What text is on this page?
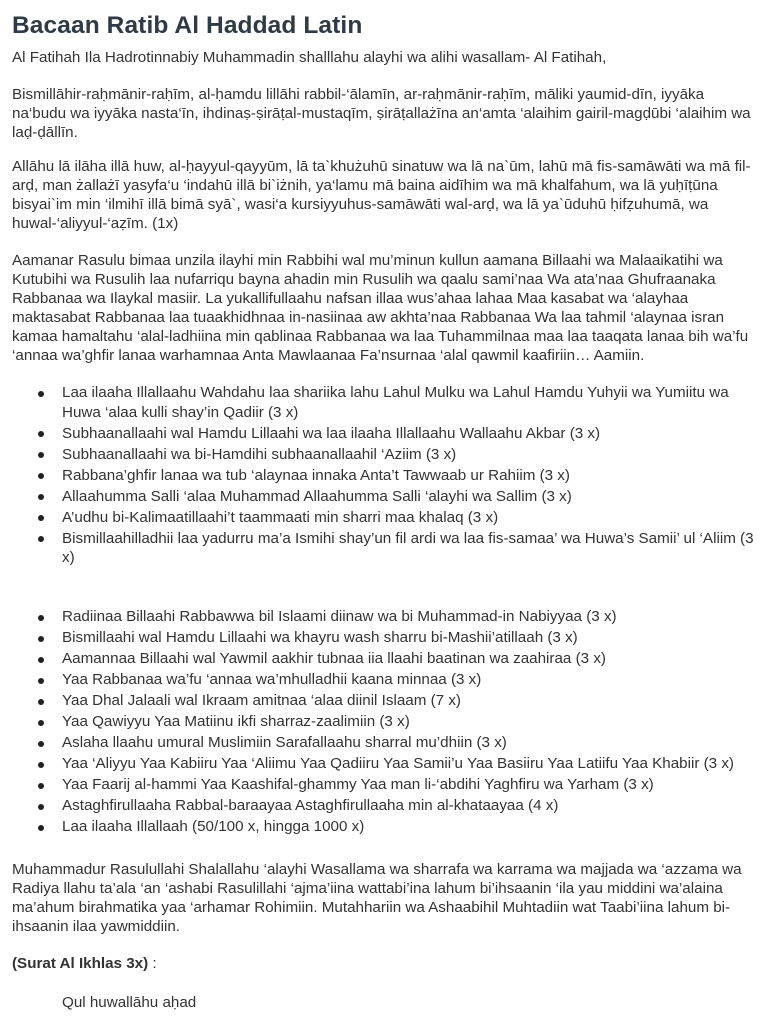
Bacaan Ratib Al Haddad Latin

Al Fatihah Ila Hadrotinnabiy Muhammadin shalllahu alayhi wa alihi wasallam- Al Fatihah,

Bismillāhir-raḥmānir-raḥīm, al-ḥamdu lillāhi rabbil-‘ālamīn, ar-raḥmānir-raḥīm, māliki yaumid-dīn, iyyāka na‘budu wa iyyāka nasta‘īn, ihdinaṣ-ṣirāṭal-mustaqīm, ṣirāṭallażīna an‘amta ‘alaihim gairil-magḍūbi ‘alaihim wa laḍ-ḍāllīn.

Allāhu lā ilāha illā huw, al-ḥayyul-qayyūm, lā ta`khużuhū sinatuw wa lā na`ūm, lahū mā fis-samāwāti wa mā fil-arḍ, man żallażī yasyfa‘u ‘indahū illā bi`iżnih, ya‘lamu mā baina aidīhim wa mā khalfahum, wa lā yuḥīṭūna bisyai`im min ‘ilmihī illā bimā syā`, wasi‘a kursiyyuhus-samāwāti wal-arḍ, wa lā ya`ūduhū ḥifẓuhumā, wa huwal-‘aliyyul-‘aẓīm. (1x)

Aamanar Rasulu bimaa unzila ilayhi min Rabbihi wal mu’minun kullun aamana Billaahi wa Malaaikatihi wa Kutubihi wa Rusulih laa nufarriqu bayna ahadin min Rusulih wa qaalu sami’naa Wa ata’naa Ghufraanaka Rabbanaa wa Ilaykal masiir. La yukallifullaahu nafsan illaa wus’ahaa lahaa Maa kasabat wa ‘alayhaa maktasabat Rabbanaa laa tuaakhidhnaa in-nasiinaa aw akhta’naa Rabbanaa Wa laa tahmil ‘alaynaa isran kamaa hamaltahu ‘alal-ladhiina min qablinaa Rabbanaa wa laa Tuhammilnaa maa laa taaqata lanaa bih wa’fu ‘annaa wa’ghfir lanaa warhamnaa Anta Mawlaanaa Fa’nsurnaa ‘alal qawmil kaafiriin… Aamiin.

Laa ilaaha Illallaahu Wahdahu laa shariika lahu Lahul Mulku wa Lahul Hamdu Yuhyii wa Yumiitu wa Huwa ‘alaa kulli shay’in Qadiir (3 x)
Subhaanallaahi wal Hamdu Lillaahi wa laa ilaaha Illallaahu Wallaahu Akbar (3 x)
Subhaanallaahi wa bi-Hamdihi subhaanallaahil ‘Aziim (3 x)
Rabbana’ghfir lanaa wa tub ‘alaynaa innaka Anta’t Tawwaab ur Rahiim (3 x)
Allaahumma Salli ‘alaa Muhammad Allaahumma Salli ‘alayhi wa Sallim (3 x)
A’udhu bi-Kalimaatillaahi’t taammaati min sharri maa khalaq (3 x)
Bismillaahilladhii laa yadurru ma’a Ismihi shay’un fil ardi wa laa fis-samaa’ wa Huwa’s Samii’ ul ‘Aliim (3 x)
Radiinaa Billaahi Rabbawwa bil Islaami diinaw wa bi Muhammad-in Nabiyyaa (3 x)
Bismillaahi wal Hamdu Lillaahi wa khayru wash sharru bi-Mashii’atillaah (3 x)
Aamannaa Billaahi wal Yawmil aakhir tubnaa iia llaahi baatinan wa zaahiraa (3 x)
Yaa Rabbanaa wa’fu ‘annaa wa’mhulladhii kaana minnaa (3 x)
Yaa Dhal Jalaali wal Ikraam amitnaa ‘alaa diinil Islaam (7 x)
Yaa Qawiyyu Yaa Matiinu ikfi sharraz-zaalimiin (3 x)
Aslaha llaahu umural Muslimiin Sarafallaahu sharral mu’dhiin (3 x)
Yaa ‘Aliyyu Yaa Kabiiru Yaa ‘Aliimu Yaa Qadiiru Yaa Samii’u Yaa Basiiru Yaa Latiifu Yaa Khabiir (3 x)
Yaa Faarij al-hammi Yaa Kaashifal-ghammy Yaa man li-‘abdihi Yaghfiru wa Yarham (3 x)
Astaghfirullaaha Rabbal-baraayaa Astaghfirullaaha min al-khataayaa (4 x)
Laa ilaaha Illallaah (50/100 x, hingga 1000 x)

Muhammadur Rasulullahi Shalallahu ‘alayhi Wasallama wa sharrafa wa karrama wa majjada wa ‘azzama wa Radiya llahu ta’ala ‘an ‘ashabi Rasulillahi ‘ajma’iina wattabi’ina lahum bi’ihsaanin ‘ila yau middini wa’alaina ma’ahum birahmatika yaa ‘arhamar Rohimiin. Mutahhariin wa Ashaabihil Muhtadiin wat Taabi’iina lahum bi-ihsaanin ilaa yawmiddiin.

(Surat Al Ikhlas 3x) :

Qul huwallāhu aḥad
